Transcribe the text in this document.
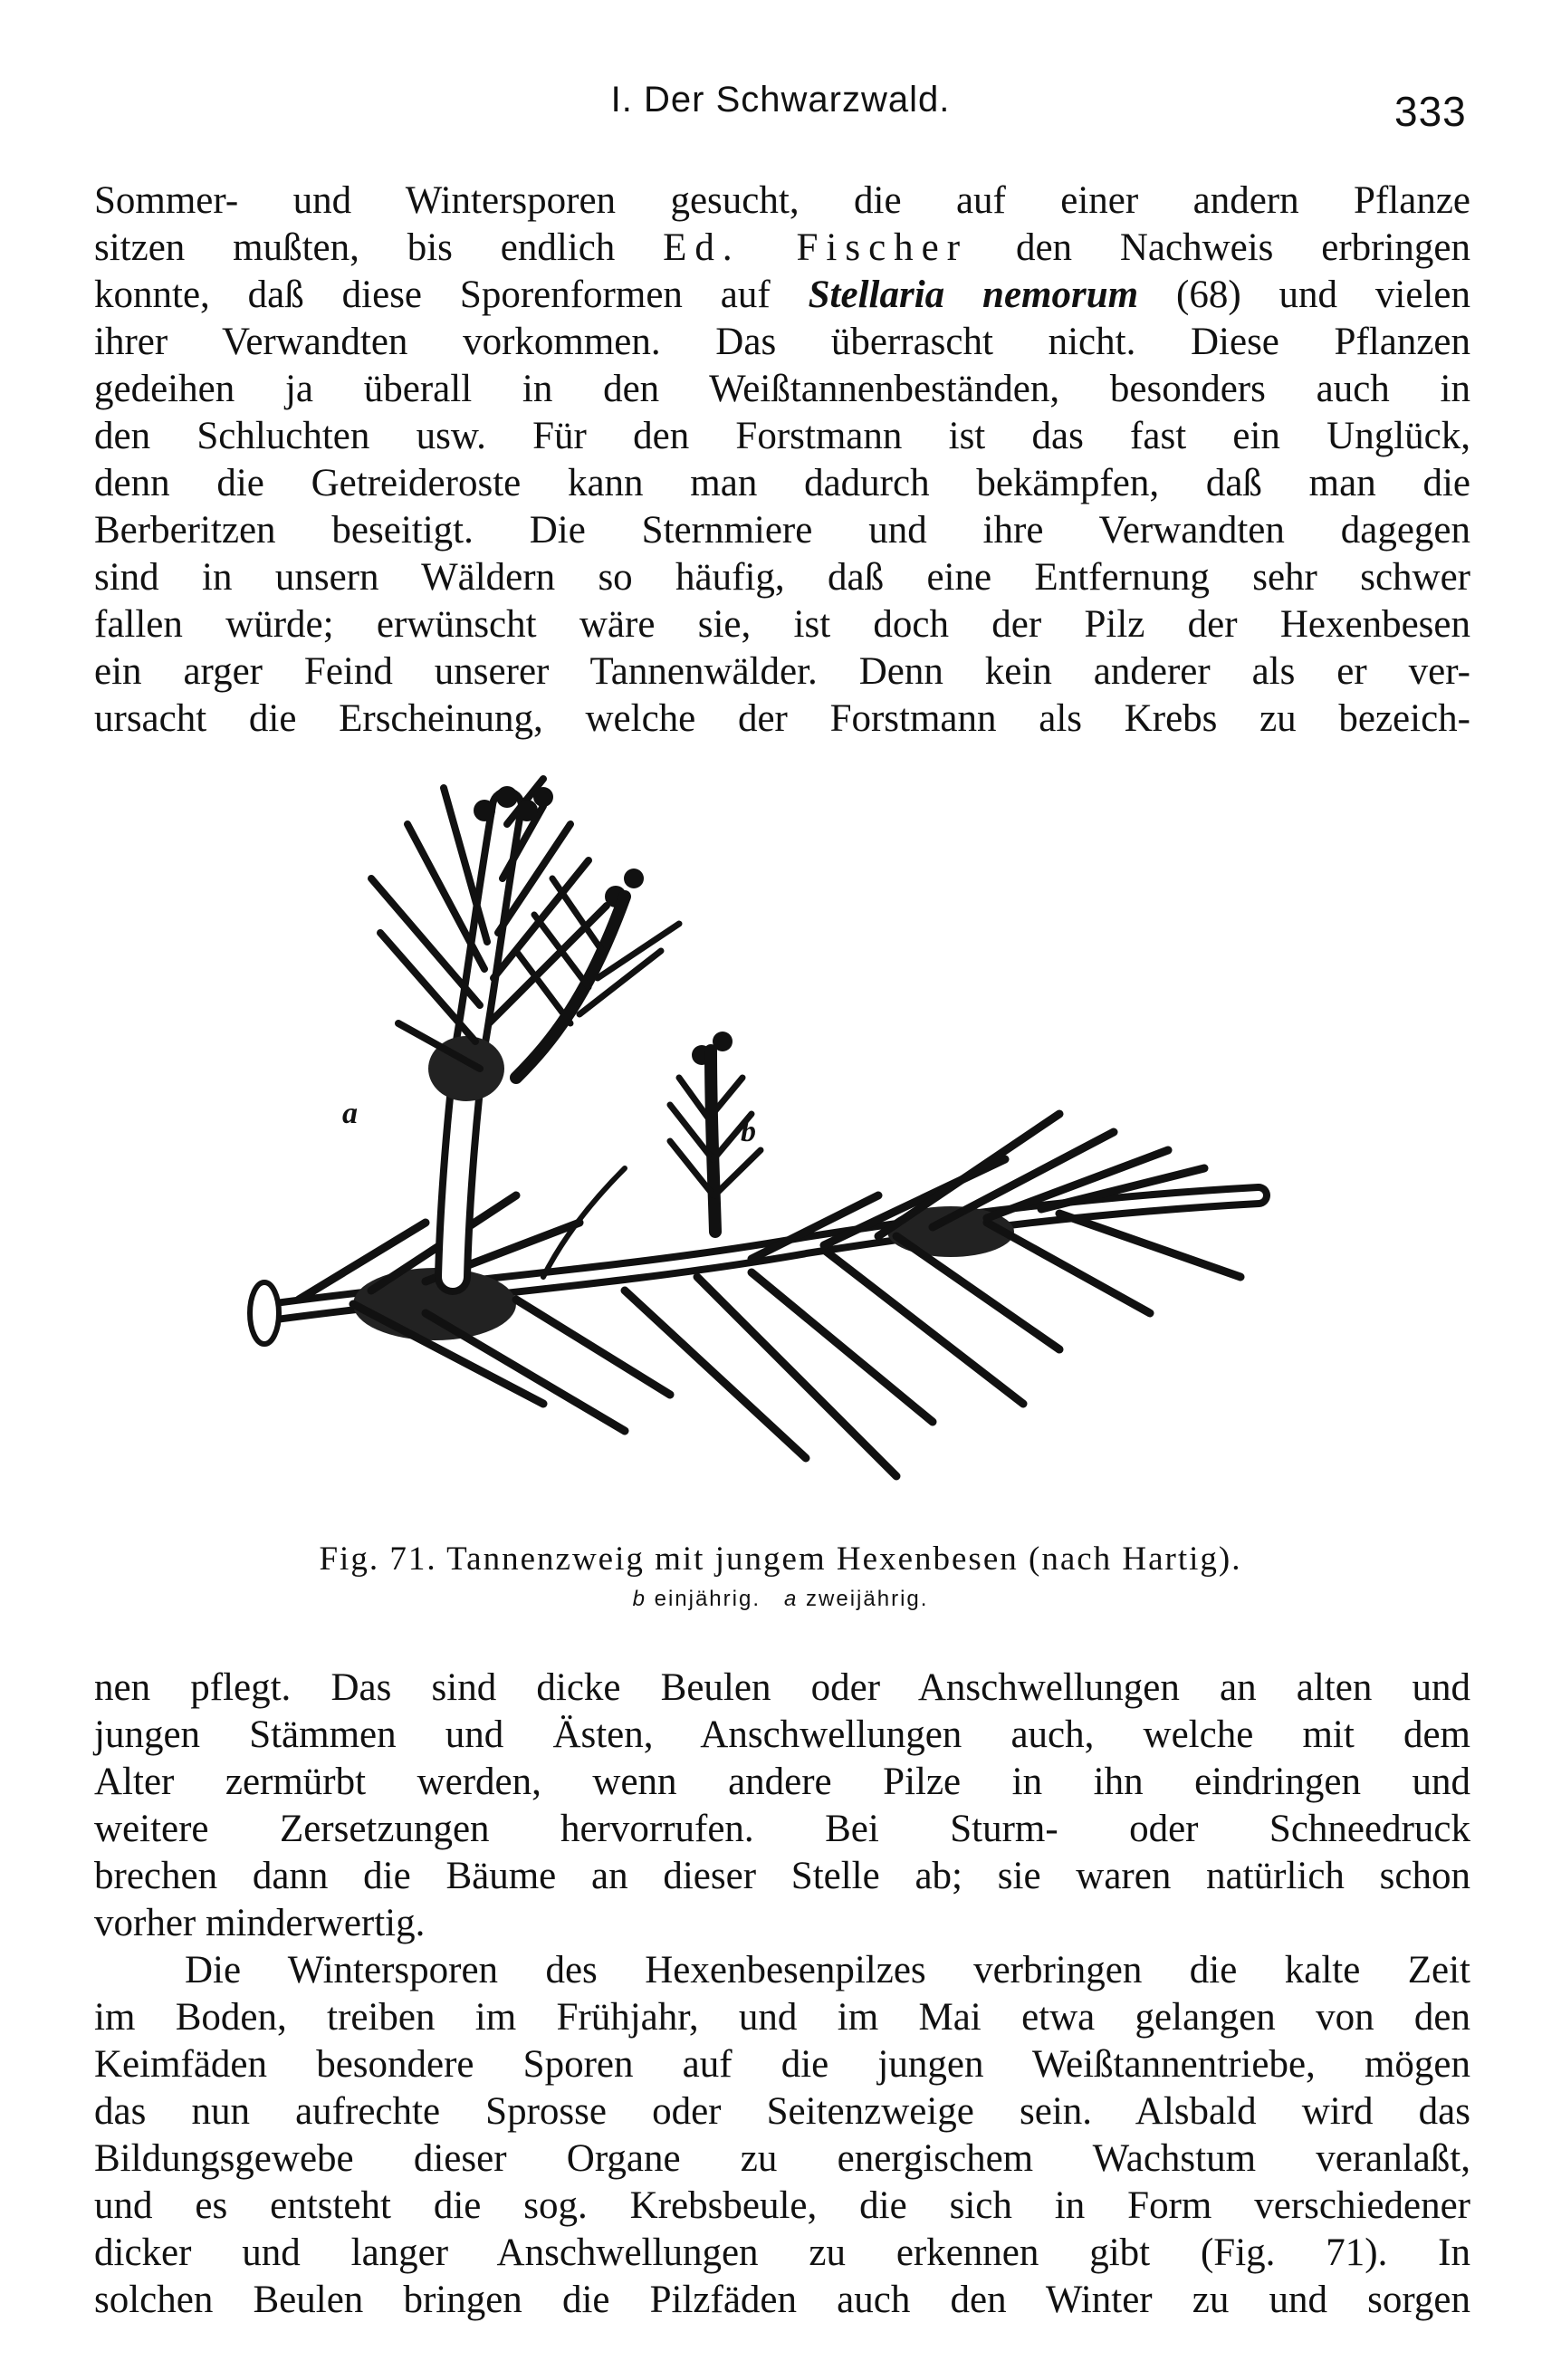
I. Der Schwarzwald.	333
Sommer- und Wintersporen gesucht, die auf einer andern Pflanze
sitzen mußten, bis endlich Ed. Fischer den Nachweis erbringen
konnte, daß diese Sporenformen auf Stellaria nemorum (68) und vielen
ihrer Verwandten vorkommen. Das überrascht nicht. Diese Pflanzen
gedeihen ja überall in den Weißtannenbeständen, besonders auch in
den Schluchten usw. Für den Forstmann ist das fast ein Unglück,
denn die Getreideroste kann man dadurch bekämpfen, daß man die
Berberitzen beseitigt. Die Sternmiere und ihre Verwandten dagegen
sind in unsern Wäldern so häufig, daß eine Entfernung sehr schwer
fallen würde; erwünscht wäre sie, ist doch der Pilz der Hexenbesen
ein arger Feind unserer Tannenwälder. Denn kein anderer als er ver-
ursacht die Erscheinung, welche der Forstmann als Krebs zu bezeich-
a
b
Fig. 71. Tannenzweig mit jungem Hexenbesen (nach Hartig).
b einjährig. a zweijährig.
nen pflegt. Das sind dicke Beulen oder Anschwellungen an alten und
jungen Stämmen und Ästen, Anschwellungen auch, welche mit dem
Alter zermürbt werden, wenn andere Pilze in ihn eindringen und
weitere Zersetzungen hervorrufen. Bei Sturm- oder Schneedruck
brechen dann die Bäume an dieser Stelle ab; sie waren natürlich schon
vorher minderwertig.
Die Wintersporen des Hexenbesenpilzes verbringen die kalte Zeit
im Boden, treiben im Frühjahr, und im Mai etwa gelangen von den
Keimfäden besondere Sporen auf die jungen Weißtannentriebe, mögen
das nun aufrechte Sprosse oder Seitenzweige sein. Alsbald wird das
Bildungsgewebe dieser Organe zu energischem Wachstum veranlaßt,
und es entsteht die sog. Krebsbeule, die sich in Form verschiedener
dicker und langer Anschwellungen zu erkennen gibt (Fig. 71). In
solchen Beulen bringen die Pilzfäden auch den Winter zu und sorgen
